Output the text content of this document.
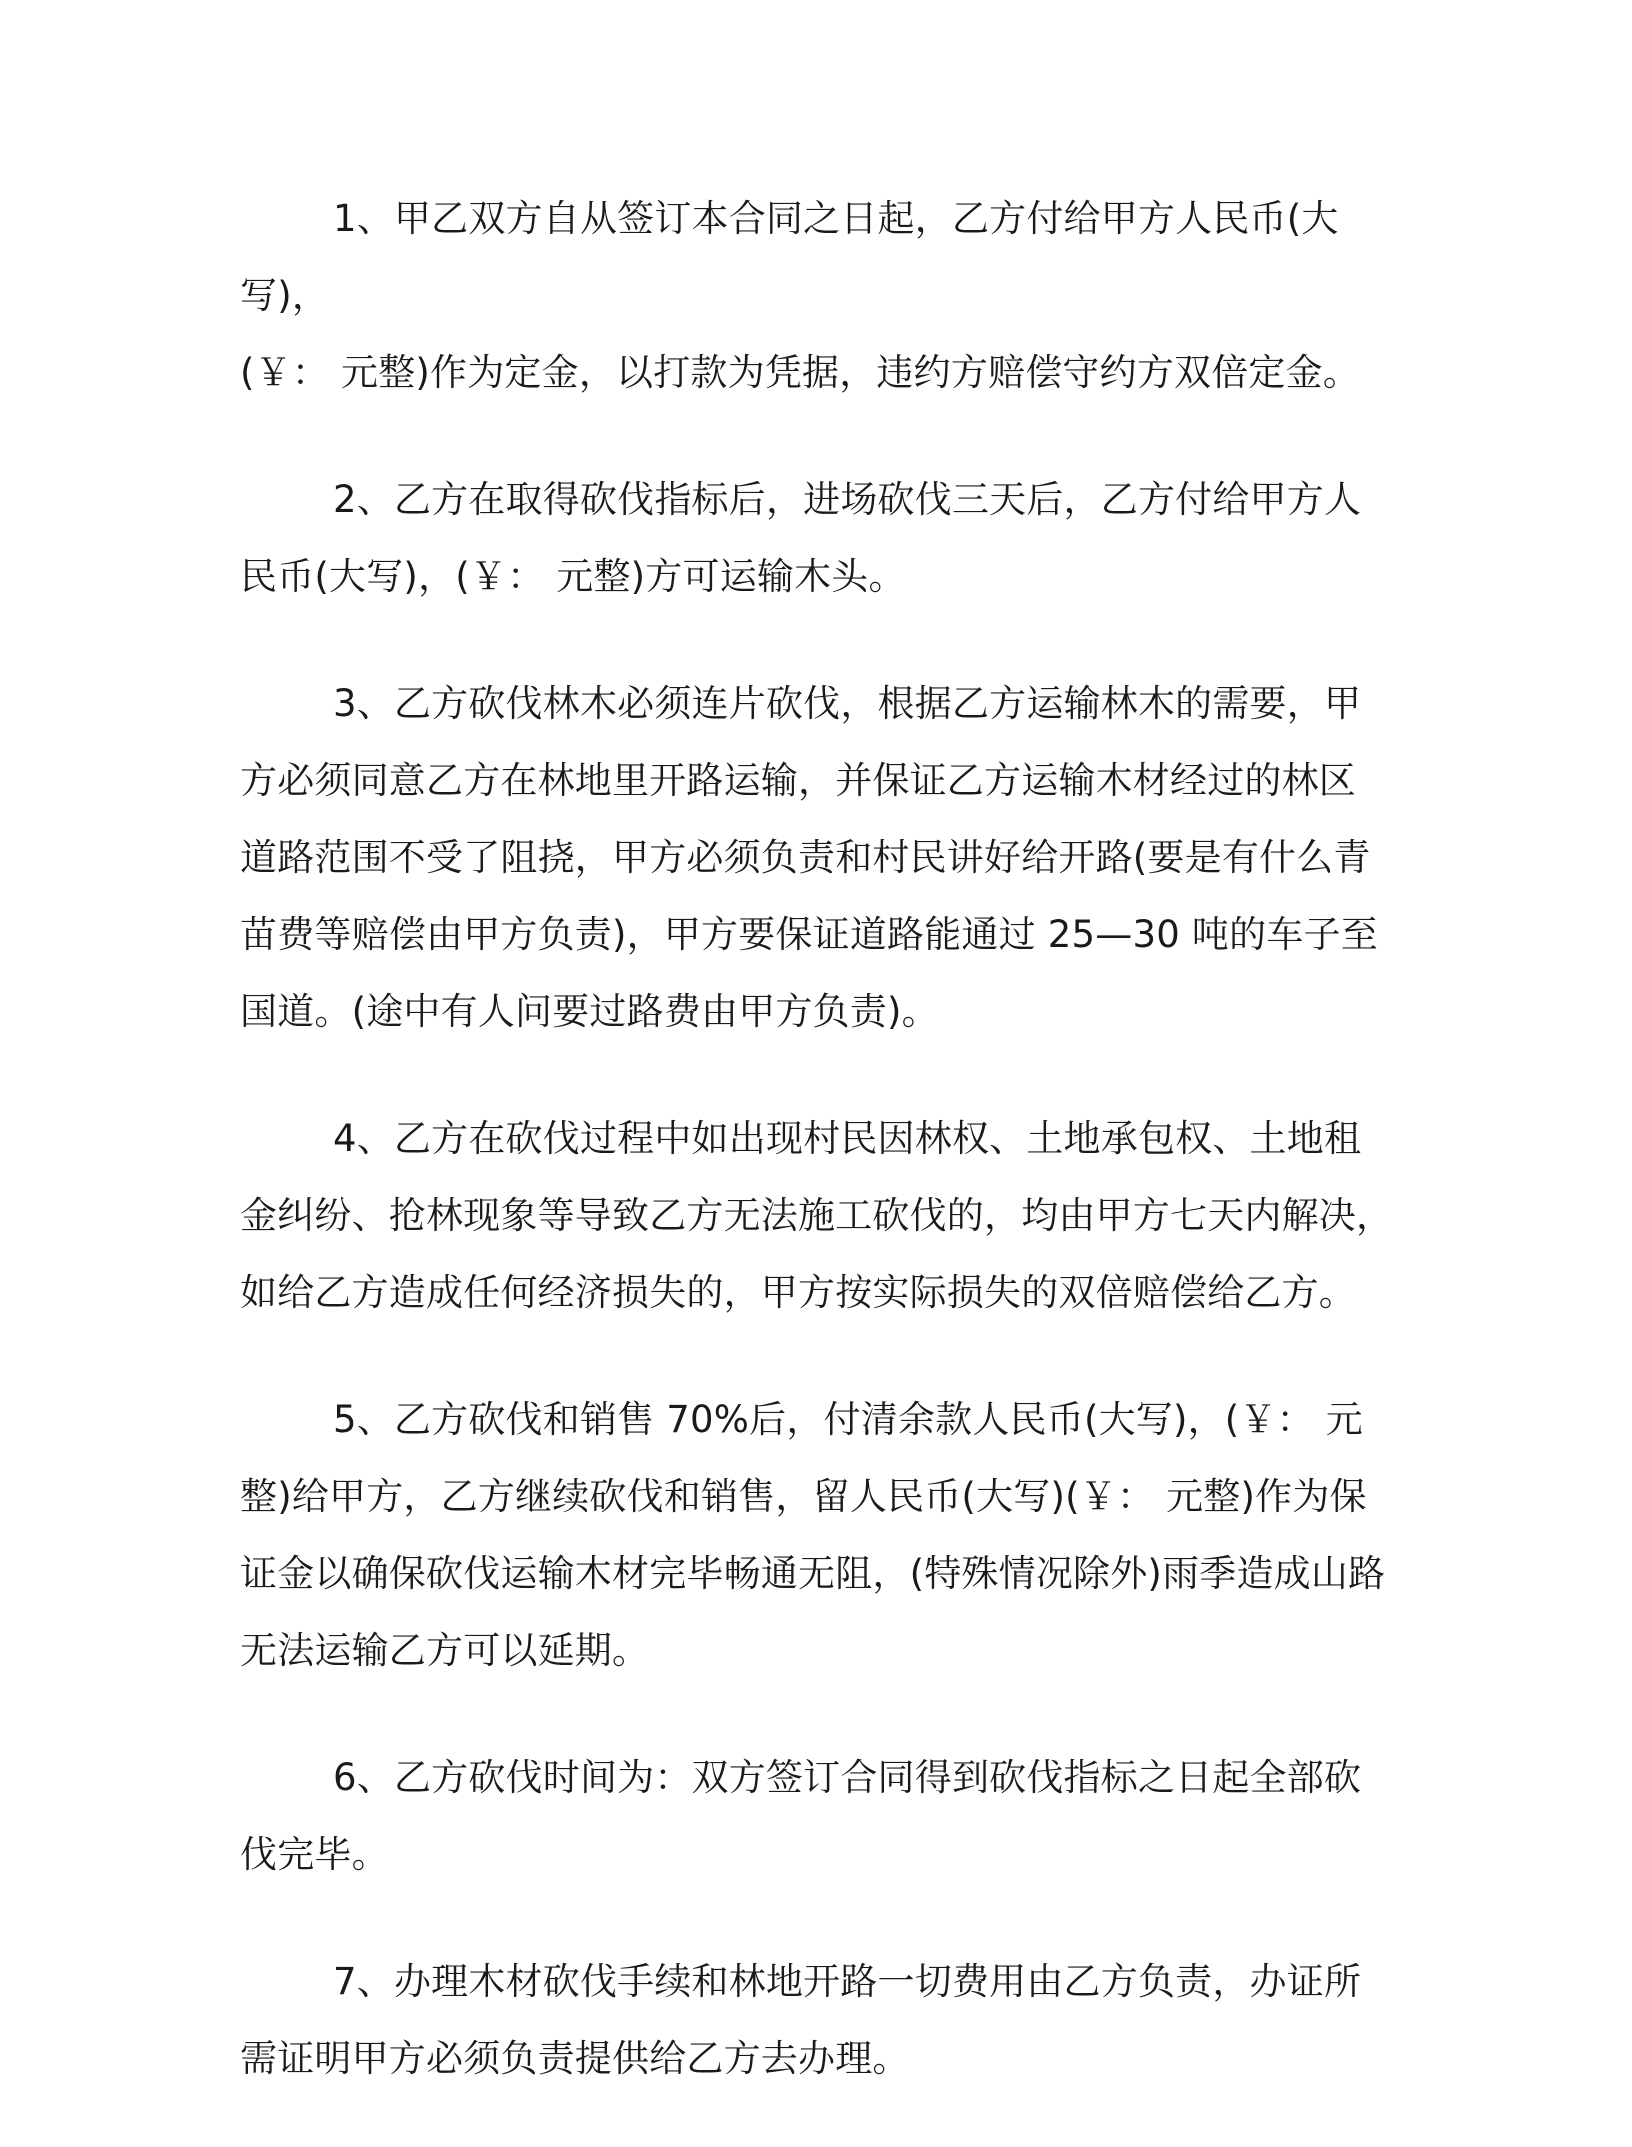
1、甲乙双方自从签订本合同之日起，乙方付给甲方人民币(大写)，
(￥： 元整)作为定金，以打款为凭据，违约方赔偿守约方双倍定金。

2、乙方在取得砍伐指标后，进场砍伐三天后，乙方付给甲方人
民币(大写)，(￥： 元整)方可运输木头。

3、乙方砍伐林木必须连片砍伐，根据乙方运输林木的需要，甲
方必须同意乙方在林地里开路运输，并保证乙方运输木材经过的林区
道路范围不受了阻挠，甲方必须负责和村民讲好给开路(要是有什么青
苗费等赔偿由甲方负责)，甲方要保证道路能通过 25—30 吨的车子至
国道。(途中有人问要过路费由甲方负责)。

4、乙方在砍伐过程中如出现村民因林权、土地承包权、土地租
金纠纷、抢林现象等导致乙方无法施工砍伐的，均由甲方七天内解决，
如给乙方造成任何经济损失的，甲方按实际损失的双倍赔偿给乙方。

5、乙方砍伐和销售 70%后，付清余款人民币(大写)，(￥： 元
整)给甲方，乙方继续砍伐和销售，留人民币(大写)(￥： 元整)作为保
证金以确保砍伐运输木材完毕畅通无阻，(特殊情况除外)雨季造成山路
无法运输乙方可以延期。

6、乙方砍伐时间为：双方签订合同得到砍伐指标之日起全部砍
伐完毕。

7、办理木材砍伐手续和林地开路一切费用由乙方负责，办证所
需证明甲方必须负责提供给乙方去办理。
